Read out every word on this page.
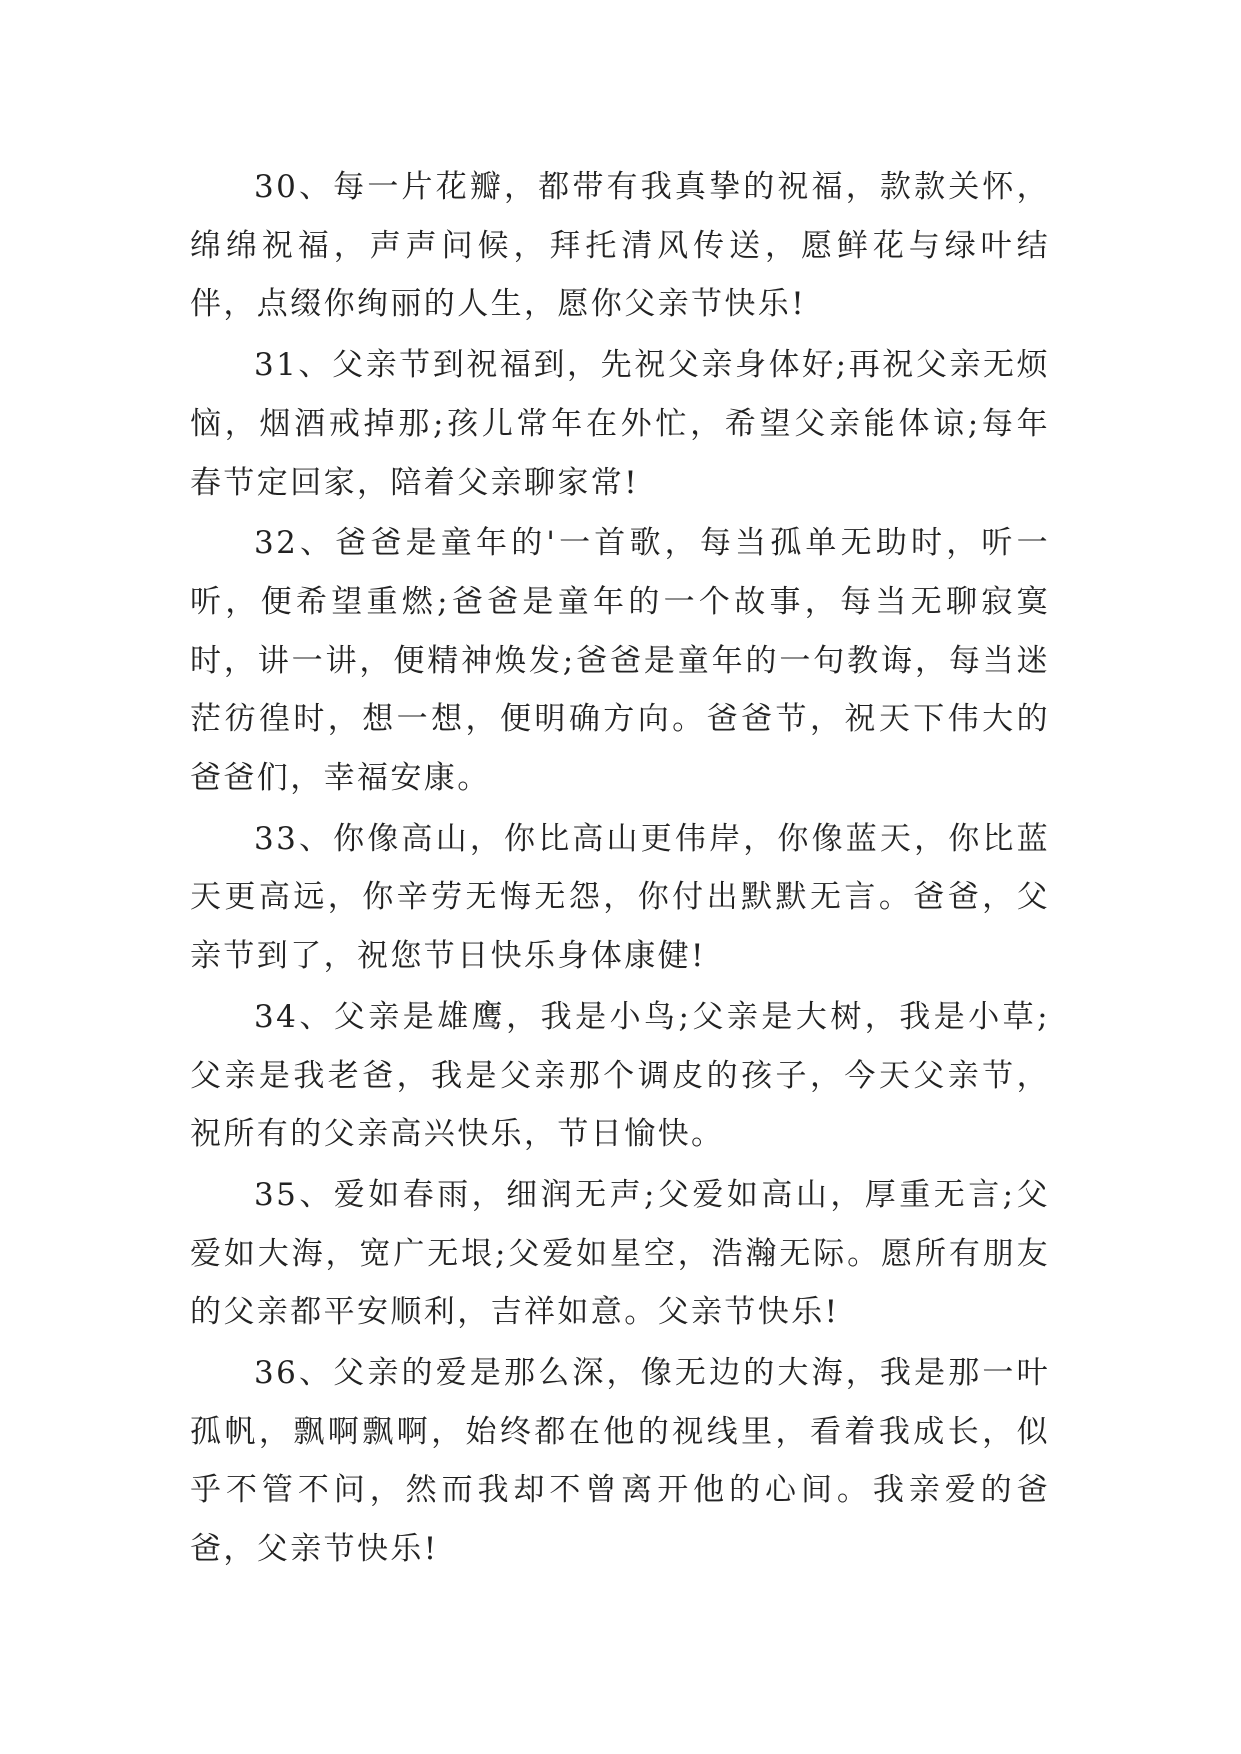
30、每一片花瓣，都带有我真挚的祝福，款款关怀，绵绵祝福，声声问候，拜托清风传送，愿鲜花与绿叶结伴，点缀你绚丽的人生，愿你父亲节快乐!

31、父亲节到祝福到，先祝父亲身体好;再祝父亲无烦恼，烟酒戒掉那;孩儿常年在外忙，希望父亲能体谅;每年春节定回家，陪着父亲聊家常!

32、爸爸是童年的'一首歌，每当孤单无助时，听一听，便希望重燃;爸爸是童年的一个故事，每当无聊寂寞时，讲一讲，便精神焕发;爸爸是童年的一句教诲，每当迷茫彷徨时，想一想，便明确方向。爸爸节，祝天下伟大的爸爸们，幸福安康。

33、你像高山，你比高山更伟岸，你像蓝天，你比蓝天更高远，你辛劳无悔无怨，你付出默默无言。爸爸，父亲节到了，祝您节日快乐身体康健!

34、父亲是雄鹰，我是小鸟;父亲是大树，我是小草;父亲是我老爸，我是父亲那个调皮的孩子，今天父亲节，祝所有的父亲高兴快乐，节日愉快。

35、爱如春雨，细润无声;父爱如高山，厚重无言;父爱如大海，宽广无垠;父爱如星空，浩瀚无际。愿所有朋友的父亲都平安顺利，吉祥如意。父亲节快乐!

36、父亲的爱是那么深，像无边的大海，我是那一叶孤帆，飘啊飘啊，始终都在他的视线里，看着我成长，似乎不管不问，然而我却不曾离开他的心间。我亲爱的爸爸，父亲节快乐!
